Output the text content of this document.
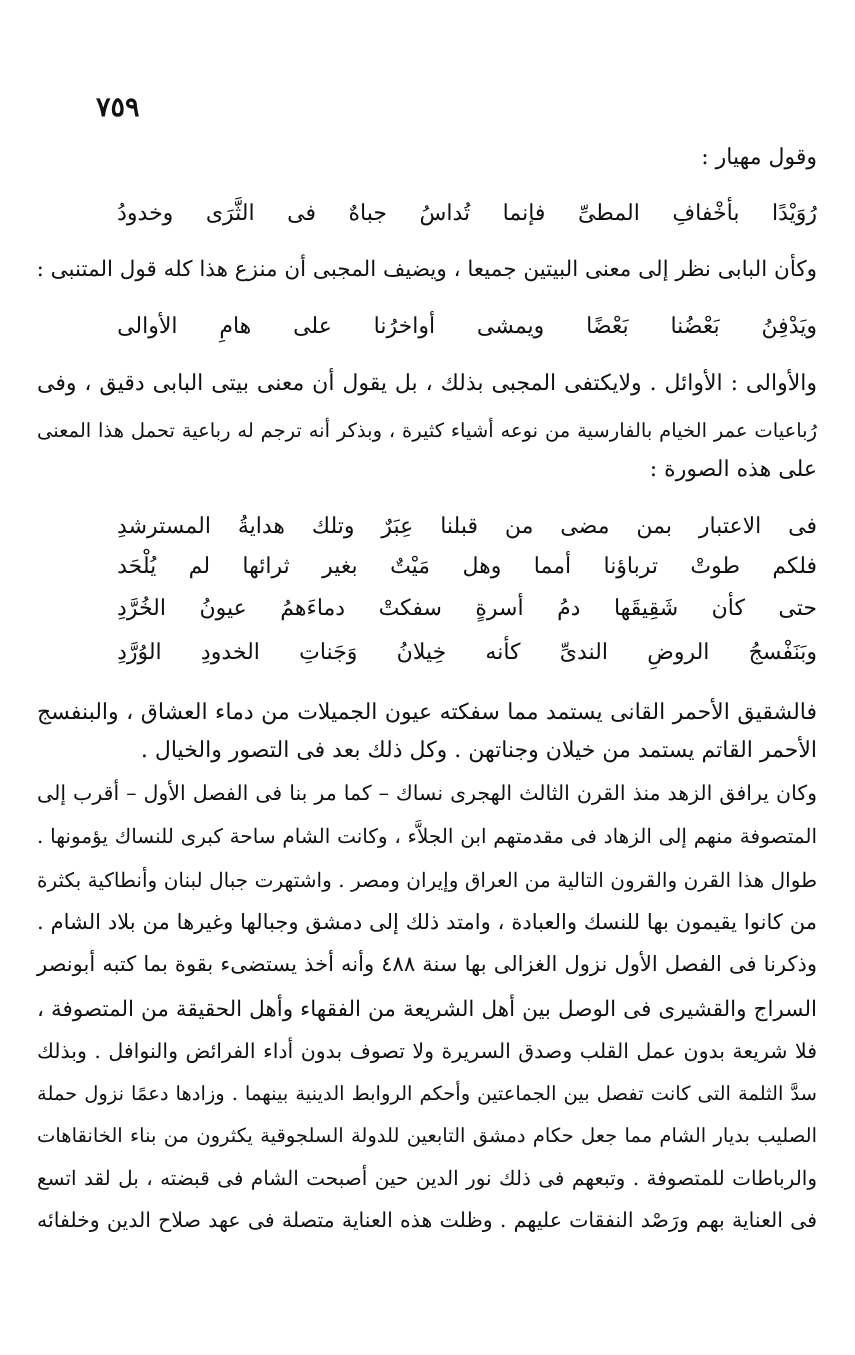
٧٥٩
وقول مهيار :
رُوَيْدًا
بأخْفافِ
المطىِّ
فإنما
تُداسُ
جباهٌ
فى
الثَّرَى
وخدودُ
وكأن البابى نظر إلى معنى البيتين جميعا ، ويضيف المجبى أن منزع هذا كله قول المتنبى :
ويَدْفِنُ
بَعْضُنا
بَعْضًا
ويمشى
أواخرُنا
على
هامِ
الأوالى
والأوالى : الأوائل . ولايكتفى المجبى بذلك ، بل يقول أن معنى بيتى البابى دقيق ، وفى
رُباعيات عمر الخيام بالفارسية من نوعه أشياء كثيرة ، وبذكر أنه ترجم له رباعية تحمل هذا المعنى
على هذه الصورة :
فى
الاعتبار
بمن
مضى
من
قبلنا
عِبَرٌ
وتلك
هدايةُ
المسترشدِ
فلكم
طوتْ
ترباؤنا
أمما
وهل
مَيْتٌ
بغير
ثرائها
لم
يُلْحَد
حتى
كأن
شَقِيقَها
دمُ
أسرةٍ
سفكتْ
دماءَهمُ
عيونُ
الخُرَّدِ
وبَنَفْسجُ
الروضِ
الندىِّ
كأنه
خِيلانُ
وَجَناتِ
الخدودِ
الوُرَّدِ
فالشقيق الأحمر القانى يستمد مما سفكته عيون الجميلات من دماء العشاق ، والبنفسج
الأحمر القاتم يستمد من خيلان وجناتهن . وكل ذلك بعد فى التصور والخيال .
وكان يرافق الزهد منذ القرن الثالث الهجرى نساك – كما مر بنا فى الفصل الأول – أقرب إلى
المتصوفة منهم إلى الزهاد فى مقدمتهم ابن الجلاَّء ، وكانت الشام ساحة كبرى للنساك يؤمونها .
طوال هذا القرن والقرون التالية من العراق وإيران ومصر . واشتهرت جبال لبنان وأنطاكية بكثرة
من كانوا يقيمون بها للنسك والعبادة ، وامتد ذلك إلى دمشق وجبالها وغيرها من بلاد الشام .
وذكرنا فى الفصل الأول نزول الغزالى بها سنة ٤٨٨ وأنه أخذ يستضىء بقوة بما كتبه أبونصر
السراج والقشيرى فى الوصل بين أهل الشريعة من الفقهاء وأهل الحقيقة من المتصوفة ،
فلا شريعة بدون عمل القلب وصدق السريرة ولا تصوف بدون أداء الفرائض والنوافل . وبذلك
سدَّ الثلمة التى كانت تفصل بين الجماعتين وأحكم الروابط الدينية بينهما . وزادها دعمًا نزول حملة
الصليب بديار الشام مما جعل حكام دمشق التابعين للدولة السلجوقية يكثرون من بناء الخانقاهات
والرباطات للمتصوفة . وتبعهم فى ذلك نور الدين حين أصبحت الشام فى قبضته ، بل لقد اتسع
فى العناية بهم ورَصْد النفقات عليهم . وظلت هذه العناية متصلة فى عهد صلاح الدين وخلفائه
